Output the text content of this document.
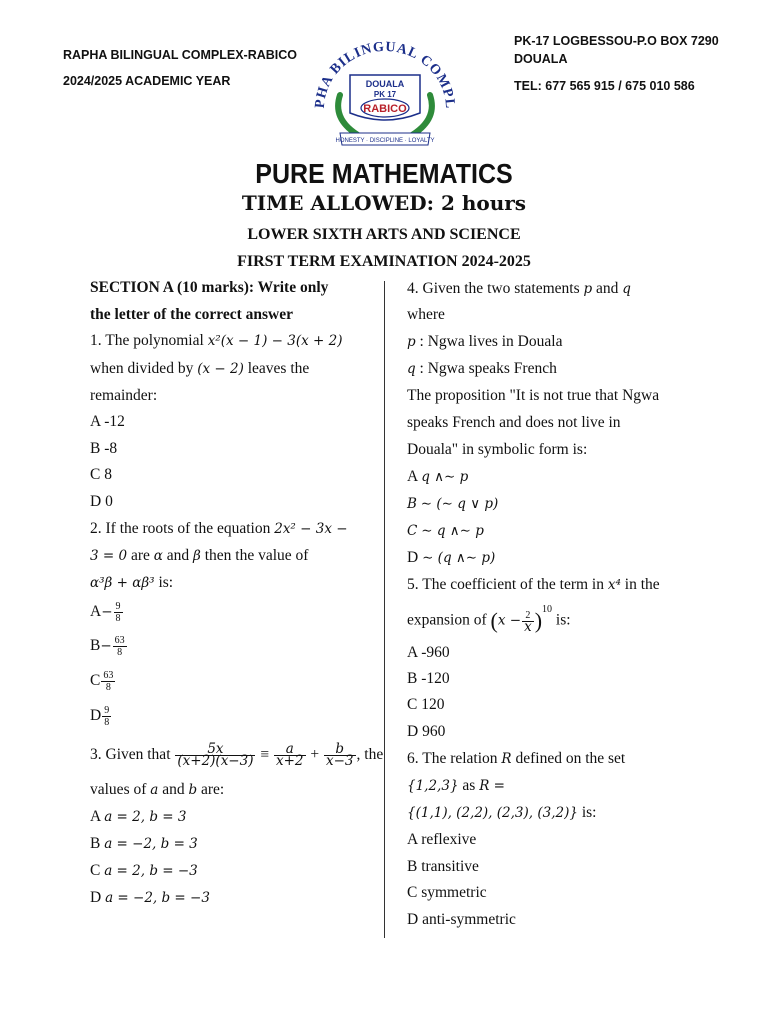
RAPHA BILINGUAL COMPLEX-RABICO
2024/2025 ACADEMIC YEAR
PHA BILINGUAL COMPL
DOUALA
PK 17
RABICO
HONESTY · DISCIPLINE · LOYALTY
PK-17 LOGBESSOU-P.O BOX 7290
DOUALA
TEL: 677 565 915 / 675 010 586
PURE MATHEMATICS
TIME ALLOWED: 2 hours
LOWER SIXTH ARTS AND SCIENCE
FIRST TERM EXAMINATION 2024-2025
SECTION A (10 marks): Write only
the letter of the correct answer
1. The polynomial x²(x − 1) − 3(x + 2)
when divided by (x − 2) leaves the
remainder:
A -12
B -8
C 8
D 0
2. If the roots of the equation 2x² − 3x −
3 = 0 are α and β then the value of
α³β + αβ³ is:
$A- \frac{9}{8}$
$B- \frac{63}{8}$
C $\frac{63}{8}$
D $\frac{9}{8}$
3. Given that $\frac{5x}{(x+2)(x-3)} \equiv \frac{a}{x+2} + \frac{b}{x-3}$ , the
values of a and b are:
A a = 2, b = 3
B a = −2, b = 3
C a = 2, b = −3
D a = −2, b = −3
4. Given the two statements p and q
where
p : Ngwa lives in Douala
q : Ngwa speaks French
The proposition "It is not true that Ngwa
speaks French and does not live in
Douala" in symbolic form is:
A q ∧∼ p
B ∼ (∼ q ∨ p)
C ∼ q ∧∼ p
D ∼ (q ∧∼ p)
5. The coefficient of the term in x⁴ in the
expansion of $(x - \frac{2}{x} )^{10}$ is:
A -960
B -120
C 120
D 960
6. The relation R defined on the set
{1,2,3} as R =
{(1,1), (2,2), (2,3), (3,2)} is:
A reflexive
B transitive
C symmetric
D anti-symmetric
